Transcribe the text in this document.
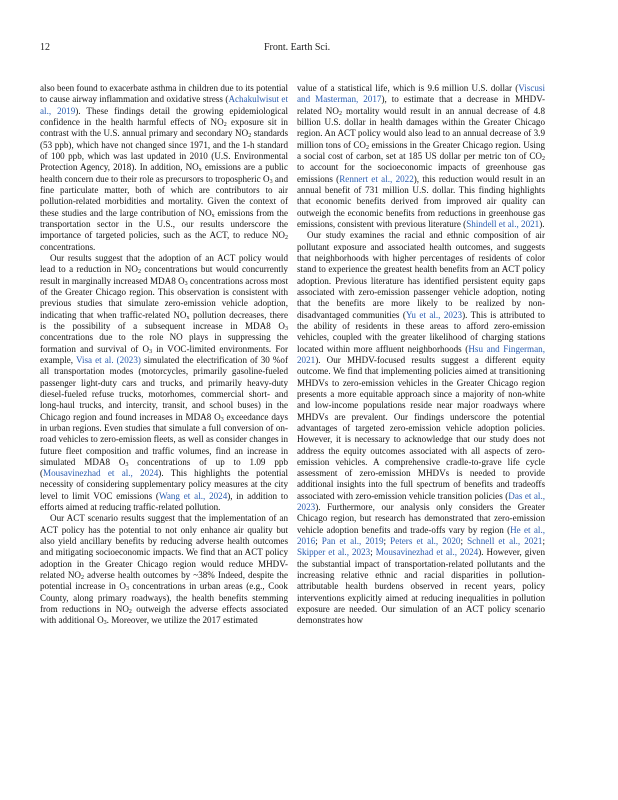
12	Front. Earth Sci.

also been found to exacerbate asthma in children due to its potential to cause airway inflammation and oxidative stress (Achakulwisut et al., 2019). These findings detail the growing epidemiological confidence in the health harmful effects of $NO_2$ exposure sit in contrast with the U.S. annual primary and secondary $NO_2$ standards (53 ppb), which have not changed since 1971, and the 1-h standard of 100 ppb, which was last updated in 2010 (U.S. Environmental Protection Agency, 2018). In addition, $NO_x$ emissions are a public health concern due to their role as precursors to tropospheric $O_3$ and fine particulate matter, both of which are contributors to air pollution-related morbidities and mortality. Given the context of these studies and the large contribution of $NO_x$ emissions from the transportation sector in the U.S., our results underscore the importance of targeted policies, such as the ACT, to reduce $NO_2$ concentrations.

Our results suggest that the adoption of an ACT policy would lead to a reduction in $NO_2$ concentrations but would concurrently result in marginally increased MDA8 $O_3$ concentrations across most of the Greater Chicago region. This observation is consistent with previous studies that simulate zero-emission vehicle adoption, indicating that when traffic-related $NO_x$ pollution decreases, there is the possibility of a subsequent increase in MDA8 $O_3$ concentrations due to the role NO plays in suppressing the formation and survival of $O_3$ in VOC-limited environments. For example, Visa et al. (2023) simulated the electrification of 30 %of all transportation modes (motorcycles, primarily gasoline-fueled passenger light-duty cars and trucks, and primarily heavy-duty diesel-fueled refuse trucks, motorhomes, commercial short- and long-haul trucks, and intercity, transit, and school buses) in the Chicago region and found increases in MDA8 $O_3$ exceedance days in urban regions. Even studies that simulate a full conversion of on-road vehicles to zero-emission fleets, as well as consider changes in future fleet composition and traffic volumes, find an increase in simulated MDA8 $O_3$ concentrations of up to 1.09 ppb (Mousavinezhad et al., 2024). This highlights the potential necessity of considering supplementary policy measures at the city level to limit VOC emissions (Wang et al., 2024), in addition to efforts aimed at reducing traffic-related pollution.

Our ACT scenario results suggest that the implementation of an ACT policy has the potential to not only enhance air quality but also yield ancillary benefits by reducing adverse health outcomes and mitigating socioeconomic impacts. We find that an ACT policy adoption in the Greater Chicago region would reduce MHDV-related $NO_2$ adverse health outcomes by ~38% Indeed, despite the potential increase in $O_3$ concentrations in urban areas (e.g., Cook County, along primary roadways), the health benefits stemming from reductions in $NO_2$ outweigh the adverse effects associated with additional $O_3$. Moreover, we utilize the 2017 estimated

value of a statistical life, which is 9.6 million U.S. dollar (Viscusi and Masterman, 2017), to estimate that a decrease in MHDV-related $NO_2$ mortality would result in an annual decrease of 4.8 billion U.S. dollar in health damages within the Greater Chicago region. An ACT policy would also lead to an annual decrease of 3.9 million tons of $CO_2$ emissions in the Greater Chicago region. Using a social cost of carbon, set at 185 US dollar per metric ton of $CO_2$ to account for the socioeconomic impacts of greenhouse gas emissions (Rennert et al., 2022), this reduction would result in an annual benefit of 731 million U.S. dollar. This finding highlights that economic benefits derived from improved air quality can outweigh the economic benefits from reductions in greenhouse gas emissions, consistent with previous literature (Shindell et al., 2021).

Our study examines the racial and ethnic composition of air pollutant exposure and associated health outcomes, and suggests that neighborhoods with higher percentages of residents of color stand to experience the greatest health benefits from an ACT policy adoption. Previous literature has identified persistent equity gaps associated with zero-emission passenger vehicle adoption, noting that the benefits are more likely to be realized by non-disadvantaged communities (Yu et al., 2023). This is attributed to the ability of residents in these areas to afford zero-emission vehicles, coupled with the greater likelihood of charging stations located within more affluent neighborhoods (Hsu and Fingerman, 2021). Our MHDV-focused results suggest a different equity outcome. We find that implementing policies aimed at transitioning MHDVs to zero-emission vehicles in the Greater Chicago region presents a more equitable approach since a majority of non-white and low-income populations reside near major roadways where MHDVs are prevalent. Our findings underscore the potential advantages of targeted zero-emission vehicle adoption policies. However, it is necessary to acknowledge that our study does not address the equity outcomes associated with all aspects of zero-emission vehicles. A comprehensive cradle-to-grave life cycle assessment of zero-emission MHDVs is needed to provide additional insights into the full spectrum of benefits and tradeoffs associated with zero-emission vehicle transition policies (Das et al., 2023). Furthermore, our analysis only considers the Greater Chicago region, but research has demonstrated that zero-emission vehicle adoption benefits and trade-offs vary by region (He et al., 2016; Pan et al., 2019; Peters et al., 2020; Schnell et al., 2021; Skipper et al., 2023; Mousavinezhad et al., 2024). However, given the substantial impact of transportation-related pollutants and the increasing relative ethnic and racial disparities in pollution-attributable health burdens observed in recent years, policy interventions explicitly aimed at reducing inequalities in pollution exposure are needed. Our simulation of an ACT policy scenario demonstrates how
